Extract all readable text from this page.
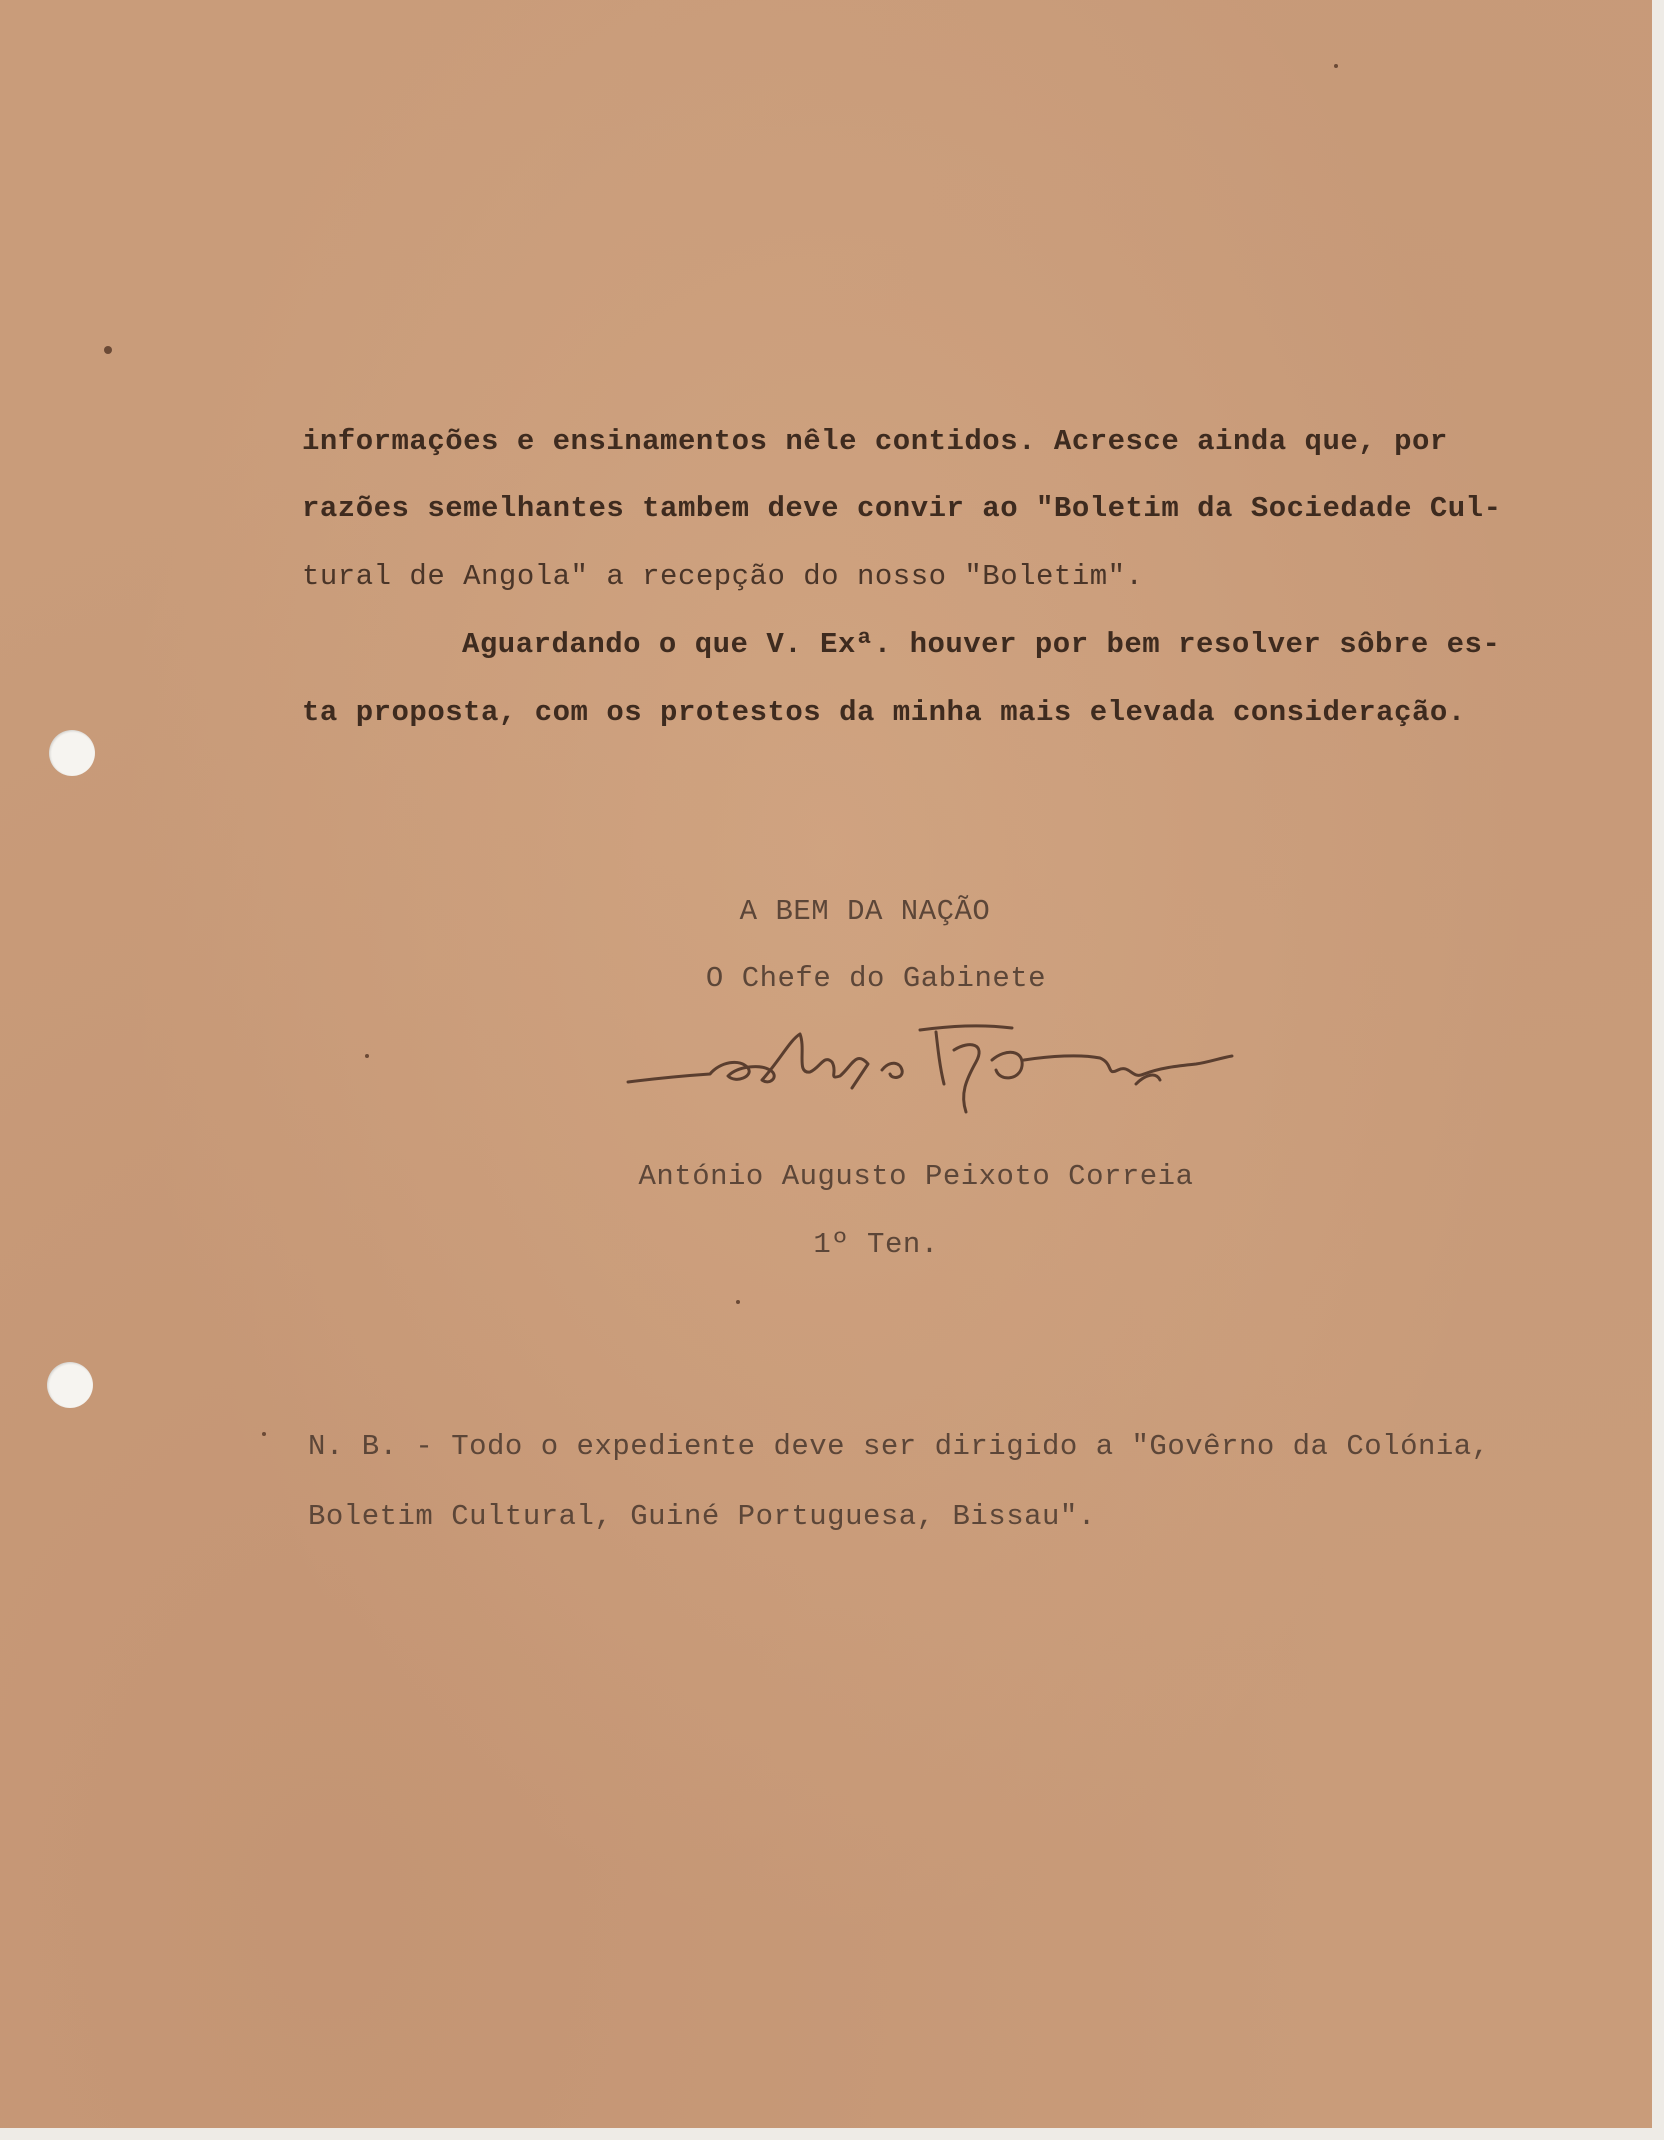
informações e ensinamentos nêle contidos. Acresce ainda que, por
razões semelhantes tambem deve convir ao "Boletim da Sociedade Cul-
tural de Angola" a recepção do nosso "Boletim".
Aguardando o que V. Exª. houver por bem resolver sôbre es-
ta proposta, com os protestos da minha mais elevada consideração.
A BEM DA NAÇÃO
O Chefe do Gabinete
António Augusto Peixoto Correia
1º Ten.
N. B. - Todo o expediente deve ser dirigido a "Govêrno da Colónia,
Boletim Cultural, Guiné Portuguesa, Bissau".
